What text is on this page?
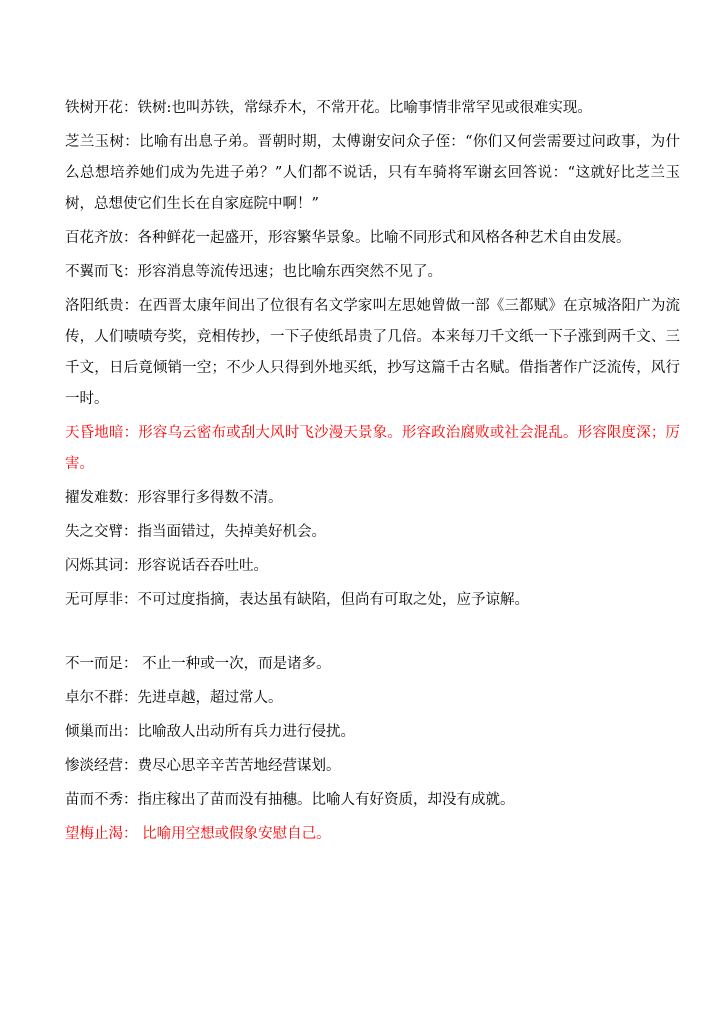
铁树开花：铁树:也叫苏铁，常绿乔木，不常开花。比喻事情非常罕见或很难实现。

芝兰玉树：比喻有出息子弟。晋朝时期，太傅谢安问众子侄：“你们又何尝需要过问政事，为什么总想培养她们成为先进子弟？”人们都不说话，只有车骑将军谢玄回答说：“这就好比芝兰玉树，总想使它们生长在自家庭院中啊！”

百花齐放：各种鲜花一起盛开，形容繁华景象。比喻不同形式和风格各种艺术自由发展。

不翼而飞：形容消息等流传迅速；也比喻东西突然不见了。

洛阳纸贵：在西晋太康年间出了位很有名文学家叫左思她曾做一部《三都赋》在京城洛阳广为流传，人们啧啧夸奖，竞相传抄，一下子使纸昂贵了几倍。本来每刀千文纸一下子涨到两千文、三千文，日后竟倾销一空；不少人只得到外地买纸，抄写这篇千古名赋。借指著作广泛流传，风行一时。

天昏地暗：形容乌云密布或刮大风时飞沙漫天景象。形容政治腐败或社会混乱。形容限度深；厉害。

擢发难数：形容罪行多得数不清。

失之交臂：指当面错过，失掉美好机会。

闪烁其词：形容说话吞吞吐吐。

无可厚非：不可过度指摘，表达虽有缺陷，但尚有可取之处，应予谅解。

不一而足： 不止一种或一次，而是诸多。

卓尔不群：先进卓越，超过常人。

倾巢而出：比喻敌人出动所有兵力进行侵扰。

惨淡经营：费尽心思辛辛苦苦地经营谋划。

苗而不秀：指庄稼出了苗而没有抽穗。比喻人有好资质，却没有成就。

望梅止渴： 比喻用空想或假象安慰自己。
